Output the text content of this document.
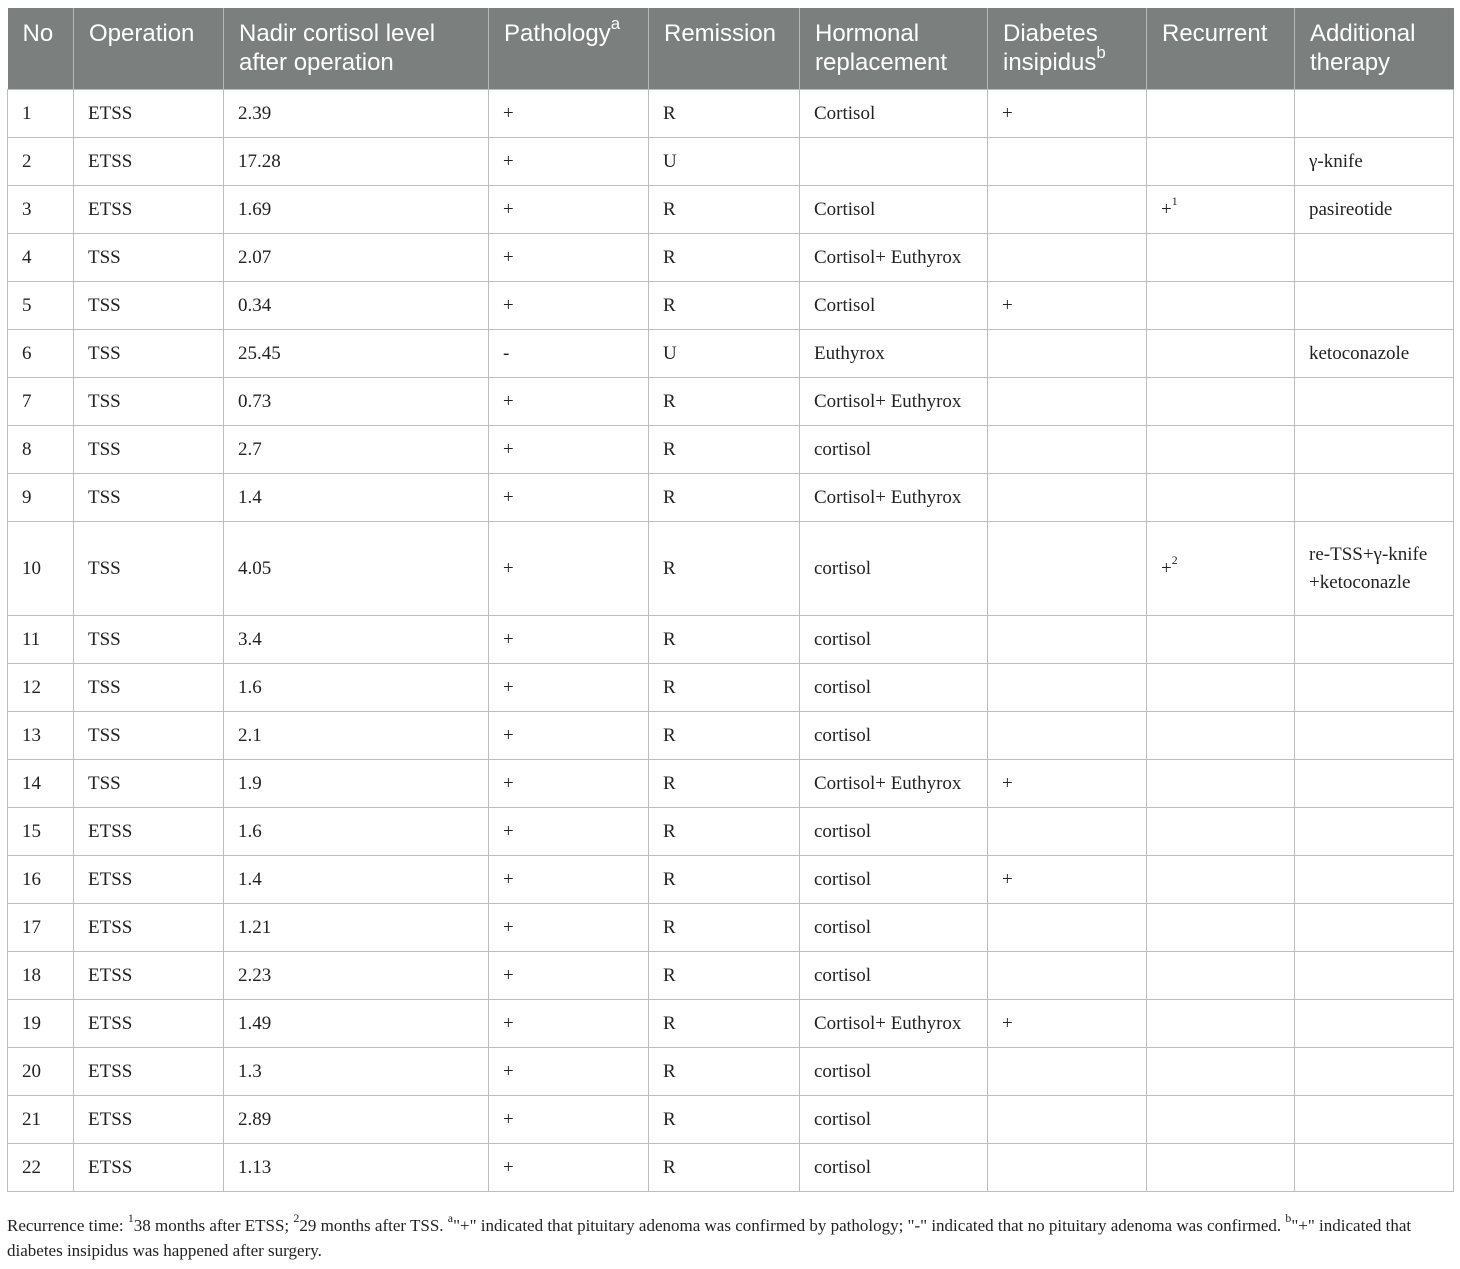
No	Operation	Nadir cortisol level after operation	Pathology$^a$	Remission	Hormonal replacement	Diabetes insipidus$^b$	Recurrent	Additional therapy
1	ETSS	2.39	+	R	Cortisol	+		
2	ETSS	17.28	+	U				γ-knife
3	ETSS	1.69	+	R	Cortisol		+$^1$	pasireotide
4	TSS	2.07	+	R	Cortisol+ Euthyrox			
5	TSS	0.34	+	R	Cortisol	+		
6	TSS	25.45	-	U	Euthyrox			ketoconazole
7	TSS	0.73	+	R	Cortisol+ Euthyrox			
8	TSS	2.7	+	R	cortisol			
9	TSS	1.4	+	R	Cortisol+ Euthyrox			
10	TSS	4.05	+	R	cortisol		+$^2$	re-TSS+γ-knife +ketoconazle
11	TSS	3.4	+	R	cortisol			
12	TSS	1.6	+	R	cortisol			
13	TSS	2.1	+	R	cortisol			
14	TSS	1.9	+	R	Cortisol+ Euthyrox	+		
15	ETSS	1.6	+	R	cortisol			
16	ETSS	1.4	+	R	cortisol	+		
17	ETSS	1.21	+	R	cortisol			
18	ETSS	2.23	+	R	cortisol			
19	ETSS	1.49	+	R	Cortisol+ Euthyrox	+		
20	ETSS	1.3	+	R	cortisol			
21	ETSS	2.89	+	R	cortisol			
22	ETSS	1.13	+	R	cortisol			
Recurrence time: $^1$38 months after ETSS; $^2$29 months after TSS. $^a$"+" indicated that pituitary adenoma was confirmed by pathology; "-" indicated that no pituitary adenoma was confirmed. $^b$"+" indicated that diabetes insipidus was happened after surgery.
